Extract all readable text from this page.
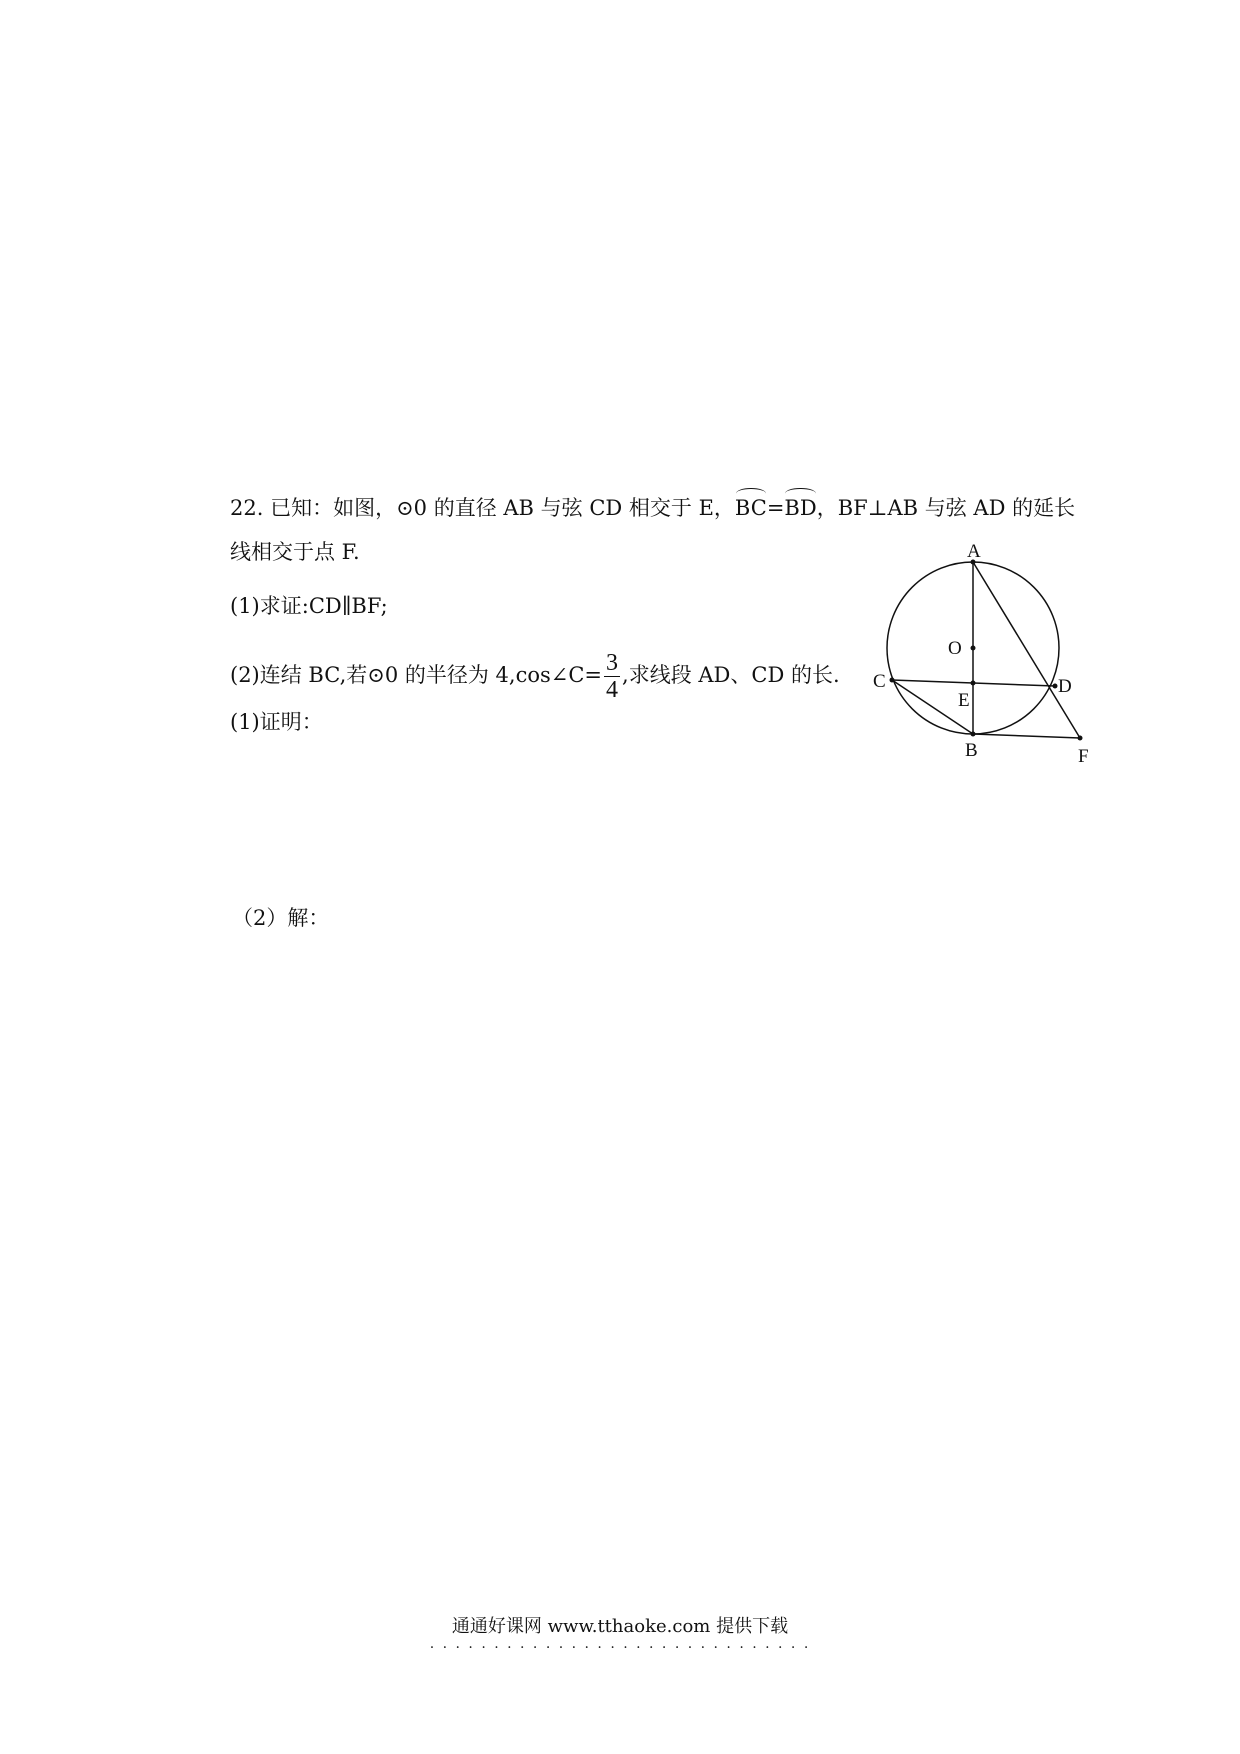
22. 已知：如图，⊙0 的直径 AB 与弦 CD 相交于 E，BC=BD，BF⊥AB 与弦 AD 的延长
线相交于点 F.
(1)求证:CD∥BF;
(2)连结 BC,若⊙0 的半径为 4,cos∠C= $\frac{3}{4}$ ,求线段 AD、CD 的长.
(1)证明：
（2）解：
A
O
C
E
D
B	F
通通好课网 www.tthaoke.com 提供下载
. . . . . . . . . . . . . . . . . . . . . . . . . . . . . .
